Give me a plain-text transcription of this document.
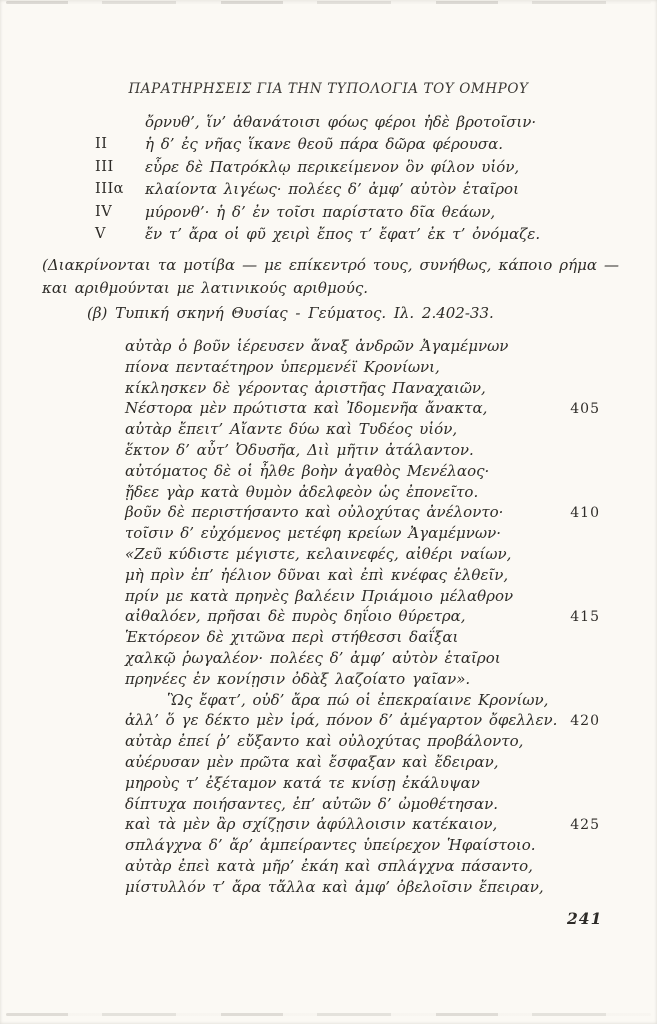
ΠΑΡΑΤΗΡΗΣΕΙΣ ΓΙΑ ΤΗΝ ΤΥΠΟΛΟΓΙΑ ΤΟΥ ΟΜΗΡΟΥ
ὄρνυθ’, ἵν’ ἀθανάτοισι φόως φέροι ἠδὲ βροτοῖσιν·
II	ἡ δ’ ἐς νῆας ἵκανε θεοῦ πάρα δῶρα φέρουσα.
III	εὗρε δὲ Πατρόκλῳ περικείμενον ὃν φίλον υἱόν,
IIIα	κλαίοντα λιγέως· πολέες δ’ ἀμφ’ αὐτὸν ἑταῖροι
IV	μύρονθ’· ἡ δ’ ἐν τοῖσι παρίστατο δῖα θεάων,
V	ἔν τ’ ἄρα οἱ φῦ χειρὶ ἔπος τ’ ἔφατ’ ἐκ τ’ ὀνόμαζε.
(Διακρίνονται τα μοτίβα — με επίκεντρό τους, συνήθως, κάποιο ρήμα — και αριθμούνται με λατινικούς αριθμούς.
(β) Τυπική σκηνή Θυσίας - Γεύματος. Ιλ. 2.402-33.
αὐτὰρ ὁ βοῦν ἱέρευσεν ἄναξ ἀνδρῶν Ἀγαμέμνων
πίονα πενταέτηρον ὑπερμενέϊ Κρονίωνι,
κίκλησκεν δὲ γέροντας ἀριστῆας Παναχαιῶν,
Νέστορα μὲν πρώτιστα καὶ Ἰδομενῆα ἄνακτα,	405
αὐτὰρ ἔπειτ’ Αἴαντε δύω καὶ Τυδέος υἱόν,
ἕκτον δ’ αὖτ’ Ὀδυσῆα, Διὶ μῆτιν ἀτάλαντον.
αὐτόματος δὲ οἱ ἦλθε βοὴν ἀγαθὸς Μενέλαος·
ᾔδεε γὰρ κατὰ θυμὸν ἀδελφεὸν ὡς ἐπονεῖτο.
βοῦν δὲ περιστήσαντο καὶ οὐλοχύτας ἀνέλοντο·	410
τοῖσιν δ’ εὐχόμενος μετέφη κρείων Ἀγαμέμνων·
«Ζεῦ κύδιστε μέγιστε, κελαινεφές, αἰθέρι ναίων,
μὴ πρὶν ἐπ’ ἠέλιον δῦναι καὶ ἐπὶ κνέφας ἐλθεῖν,
πρίν με κατὰ πρηνὲς βαλέειν Πριάμοιο μέλαθρον
αἰθαλόεν, πρῆσαι δὲ πυρὸς δηΐοιο θύρετρα,	415
Ἑκτόρεον δὲ χιτῶνα περὶ στήθεσσι δαΐξαι
χαλκῷ ῥωγαλέον· πολέες δ’ ἀμφ’ αὐτὸν ἑταῖροι
πρηνέες ἐν κονίῃσιν ὀδὰξ λαζοίατο γαῖαν».
Ὣς ἔφατ’, οὐδ’ ἄρα πώ οἱ ἐπεκραίαινε Κρονίων,
ἀλλ’ ὅ γε δέκτο μὲν ἱρά, πόνον δ’ ἀμέγαρτον ὄφελλεν. 420
αὐτὰρ ἐπεί ῥ’ εὔξαντο καὶ οὐλοχύτας προβάλοντο,
αὐέρυσαν μὲν πρῶτα καὶ ἔσφαξαν καὶ ἔδειραν,
μηροὺς τ’ ἐξέταμον κατά τε κνίσῃ ἐκάλυψαν
δίπτυχα ποιήσαντες, ἐπ’ αὐτῶν δ’ ὠμοθέτησαν.
καὶ τὰ μὲν ἂρ σχίζῃσιν ἀφύλλοισιν κατέκαιον,	425
σπλάγχνα δ’ ἄρ’ ἀμπείραντες ὑπείρεχον Ἡφαίστοιο.
αὐτὰρ ἐπεὶ κατὰ μῆρ’ ἐκάη καὶ σπλάγχνα πάσαντο,
μίστυλλόν τ’ ἄρα τἄλλα καὶ ἀμφ’ ὀβελοῖσιν ἔπειραν,
241
